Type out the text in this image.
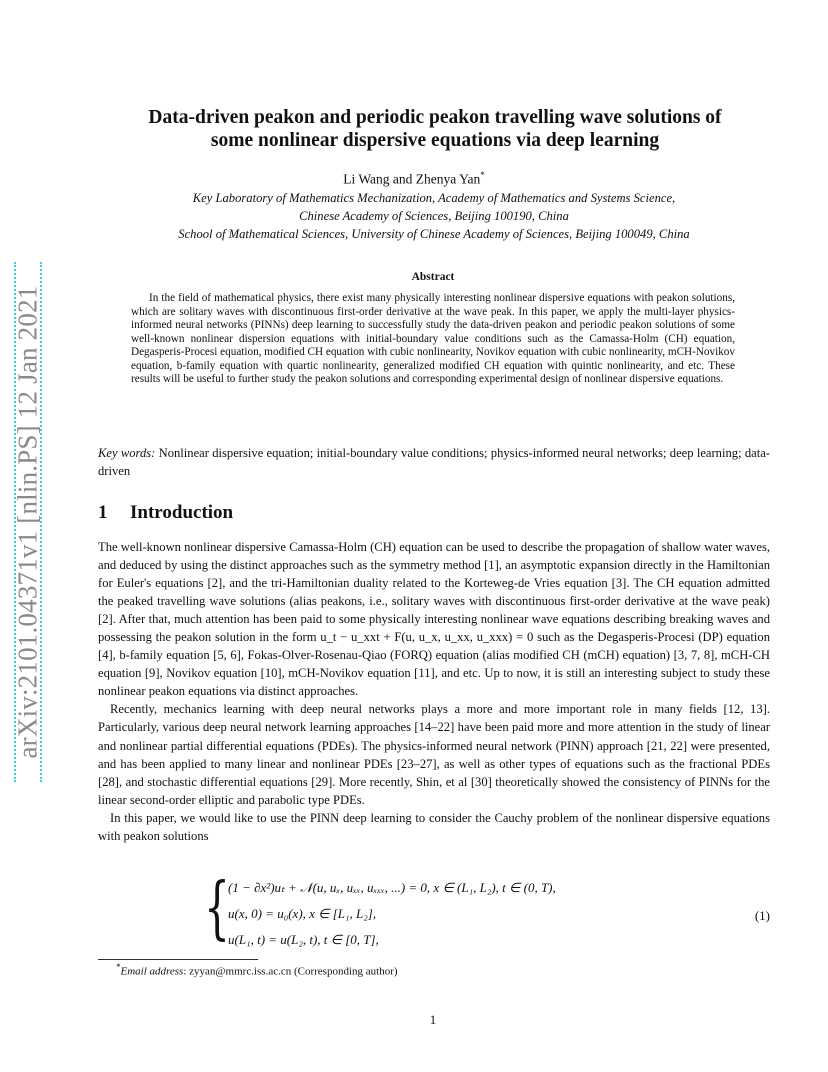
arXiv:2101.04371v1 [nlin.PS] 12 Jan 2021
Data-driven peakon and periodic peakon travelling wave solutions of
some nonlinear dispersive equations via deep learning
Li Wang and Zhenya Yan*
Key Laboratory of Mathematics Mechanization, Academy of Mathematics and Systems Science,
Chinese Academy of Sciences, Beijing 100190, China
School of Mathematical Sciences, University of Chinese Academy of Sciences, Beijing 100049, China
Abstract
In the field of mathematical physics, there exist many physically interesting nonlinear dispersive equations with peakon solutions, which are solitary waves with discontinuous first-order derivative at the wave peak. In this paper, we apply the multi-layer physics-informed neural networks (PINNs) deep learning to successfully study the data-driven peakon and periodic peakon solutions of some well-known nonlinear dispersion equations with initial-boundary value conditions such as the Camassa-Holm (CH) equation, Degasperis-Procesi equation, modified CH equation with cubic nonlinearity, Novikov equation with cubic nonlinearity, mCH-Novikov equation, b-family equation with quartic nonlinearity, generalized modified CH equation with quintic nonlinearity, and etc. These results will be useful to further study the peakon solutions and corresponding experimental design of nonlinear dispersive equations.
Key words: Nonlinear dispersive equation; initial-boundary value conditions; physics-informed neural networks; deep learning; data-driven
1 Introduction

The well-known nonlinear dispersive Camassa-Holm (CH) equation can be used to describe the propagation of shallow water waves, and deduced by using the distinct approaches such as the symmetry method [1], an asymptotic expansion directly in the Hamiltonian for Euler's equations [2], and the tri-Hamiltonian duality related to the Korteweg-de Vries equation [3]. The CH equation admitted the peaked travelling wave solutions (alias peakons, i.e., solitary waves with discontinuous first-order derivative at the wave peak) [2]. After that, much attention has been paid to some physically interesting nonlinear wave equations describing breaking waves and possessing the peakon solution in the form u_t − u_xxt + F(u, u_x, u_xx, u_xxx) = 0 such as the Degasperis-Procesi (DP) equation [4], b-family equation [5, 6], Fokas-Olver-Rosenau-Qiao (FORQ) equation (alias modified CH (mCH) equation) [3, 7, 8], mCH-CH equation [9], Novikov equation [10], mCH-Novikov equation [11], and etc. Up to now, it is still an interesting subject to study these nonlinear peakon equations via distinct approaches.

Recently, mechanics learning with deep neural networks plays a more and more important role in many fields [12, 13]. Particularly, various deep neural network learning approaches [14–22] have been paid more and more attention in the study of linear and nonlinear partial differential equations (PDEs). The physics-informed neural network (PINN) approach [21, 22] were presented, and has been applied to many linear and nonlinear PDEs [23–27], as well as other types of equations such as the fractional PDEs [28], and stochastic differential equations [29]. More recently, Shin, et al [30] theoretically showed the consistency of PINNs for the linear second-order elliptic and parabolic type PDEs.

In this paper, we would like to use the PINN deep learning to consider the Cauchy problem of the nonlinear dispersive equations with peakon solutions

{
(1 − ∂x²)uₜ + 𝒩(u, uₓ, uₓₓ, uₓₓₓ, ...) = 0, x ∈ (L₁, L₂), t ∈ (0, T),
u(x, 0) = u₀(x), x ∈ [L₁, L₂],
u(L₁, t) = u(L₂, t), t ∈ [0, T],
(1)
*Email address: zyyan@mmrc.iss.ac.cn (Corresponding author)
1
